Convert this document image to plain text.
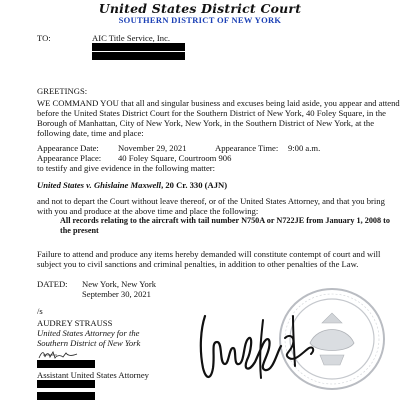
United States District Court
SOUTHERN DISTRICT OF NEW YORK
TO:	AIC Title Service, Inc.
GREETINGS:
WE COMMAND YOU that all and singular business and excuses being laid aside, you appear and attend
before the United States District Court for the Southern District of New York, 40 Foley Square, in the
Borough of Manhattan, City of New York, New York, in the Southern District of New York, at the
following date, time and place:
Appearance Date: November 29, 2021	Appearance Time: 9:00 a.m.
Appearance Place: 40 Foley Square, Courtroom 906
to testify and give evidence in the following matter:
United States v. Ghislaine Maxwell, 20 Cr. 330 (AJN)
and not to depart the Court without leave thereof, or of the United States Attorney, and that you bring
with you and produce at the above time and place the following:
All records relating to the aircraft with tail number N750A or N722JE from January 1, 2008 to
the present
Failure to attend and produce any items hereby demanded will constitute contempt of court and will
subject you to civil sanctions and criminal penalties, in addition to other penalties of the Law.
DATED: New York, New York
September 30, 2021
/s
AUDREY STRAUSS
United States Attorney for the
Southern District of New York
Assistant United States Attorney
